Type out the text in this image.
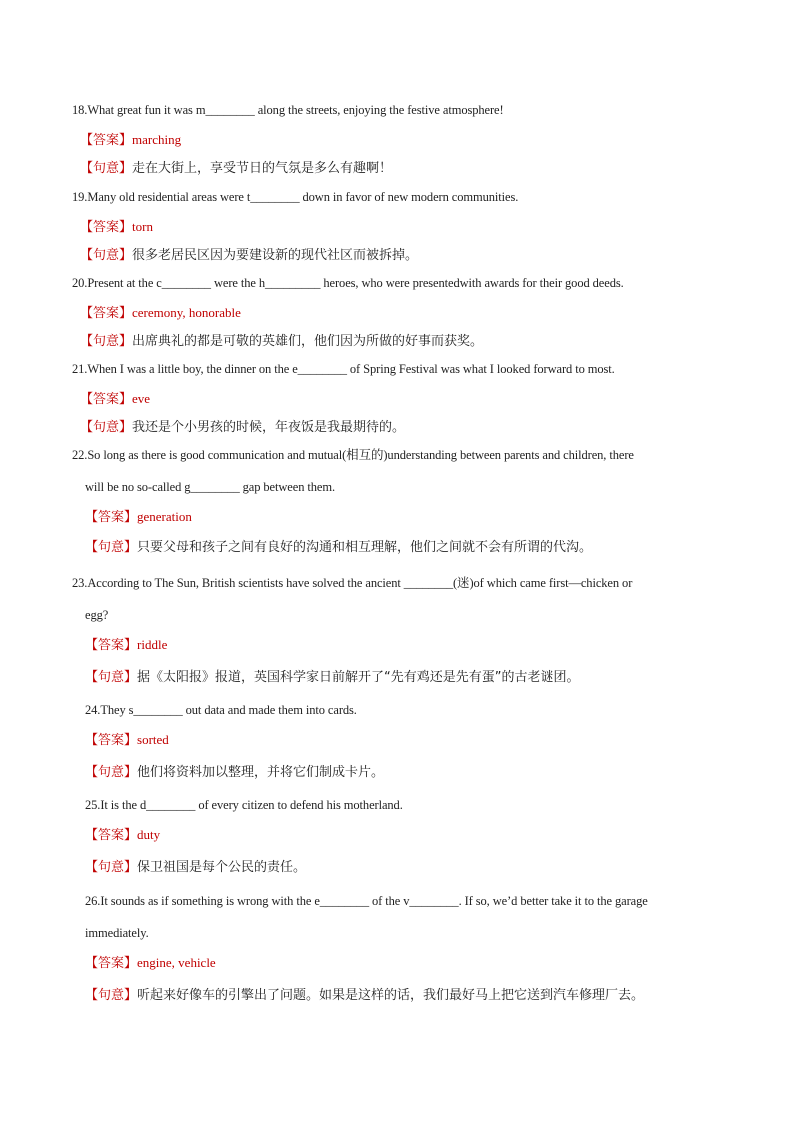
18.What great fun it was m________ along the streets, enjoying the festive atmosphere!
【答案】marching
【句意】走在大街上，享受节日的气氛是多么有趣啊！
19.Many old residential areas were t________ down in favor of new modern communities.
【答案】torn
【句意】很多老居民区因为要建设新的现代社区而被拆掉。
20.Present at the c________ were the h_________ heroes, who were presentedwith awards for their good deeds.
【答案】ceremony, honorable
【句意】出席典礼的都是可敬的英雄们，他们因为所做的好事而获奖。
21.When I was a little boy, the dinner on the e________ of Spring Festival was what I looked forward to most.
【答案】eve
【句意】我还是个小男孩的时候，年夜饭是我最期待的。
22.So long as there is good communication and mutual(相互的)understanding between parents and children, there
will be no so-called g________ gap between them.
【答案】generation
【句意】只要父母和孩子之间有良好的沟通和相互理解，他们之间就不会有所谓的代沟。
23.According to The Sun, British scientists have solved the ancient ________(迷)of which came first—chicken or
egg?
【答案】riddle
【句意】据《太阳报》报道，英国科学家日前解开了“先有鸡还是先有蛋”的古老谜团。
24.They s________ out data and made them into cards.
【答案】sorted
【句意】他们将资料加以整理，并将它们制成卡片。
25.It is the d________ of every citizen to defend his motherland.
【答案】duty
【句意】保卫祖国是每个公民的责任。
26.It sounds as if something is wrong with the e________ of the v________. If so, we’d better take it to the garage
immediately.
【答案】engine, vehicle
【句意】听起来好像车的引擎出了问题。如果是这样的话，我们最好马上把它送到汽车修理厂去。
